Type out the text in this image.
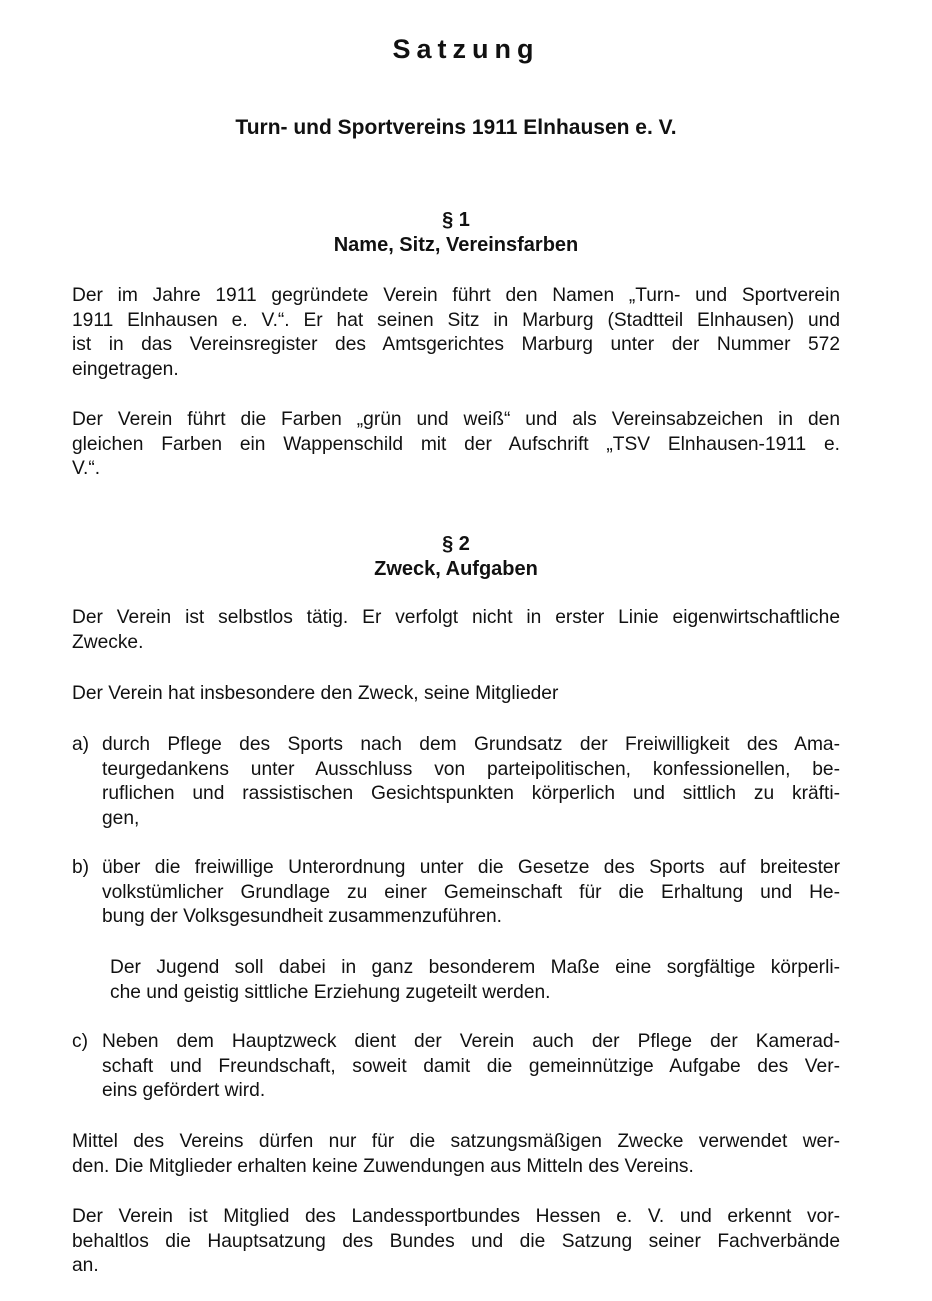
Satzung
Turn- und Sportvereins 1911 Elnhausen e. V.
§ 1
Name, Sitz, Vereinsfarben
Der im Jahre 1911 gegründete Verein führt den Namen „Turn- und Sportverein
1911 Elnhausen e. V.“. Er hat seinen Sitz in Marburg (Stadtteil Elnhausen) und
ist in das Vereinsregister des Amtsgerichtes Marburg unter der Nummer 572
eingetragen.
Der Verein führt die Farben „grün und weiß“ und als Vereinsabzeichen in den
gleichen Farben ein Wappenschild mit der Aufschrift „TSV Elnhausen-1911 e.
V.“.
§ 2
Zweck, Aufgaben
Der Verein ist selbstlos tätig. Er verfolgt nicht in erster Linie eigenwirtschaftliche
Zwecke.
Der Verein hat insbesondere den Zweck, seine Mitglieder
a) durch Pflege des Sports nach dem Grundsatz der Freiwilligkeit des Ama-
teurgedankens unter Ausschluss von parteipolitischen, konfessionellen, be-
ruflichen und rassistischen Gesichtspunkten körperlich und sittlich zu kräfti-
gen,
b) über die freiwillige Unterordnung unter die Gesetze des Sports auf breitester
volkstümlicher Grundlage zu einer Gemeinschaft für die Erhaltung und He-
bung der Volksgesundheit zusammenzuführen.
Der Jugend soll dabei in ganz besonderem Maße eine sorgfältige körperli-
che und geistig sittliche Erziehung zugeteilt werden.
c) Neben dem Hauptzweck dient der Verein auch der Pflege der Kamerad-
schaft und Freundschaft, soweit damit die gemeinnützige Aufgabe des Ver-
eins gefördert wird.
Mittel des Vereins dürfen nur für die satzungsmäßigen Zwecke verwendet wer-
den. Die Mitglieder erhalten keine Zuwendungen aus Mitteln des Vereins.
Der Verein ist Mitglied des Landessportbundes Hessen e. V. und erkennt vor-
behaltlos die Hauptsatzung des Bundes und die Satzung seiner Fachverbände
an.
